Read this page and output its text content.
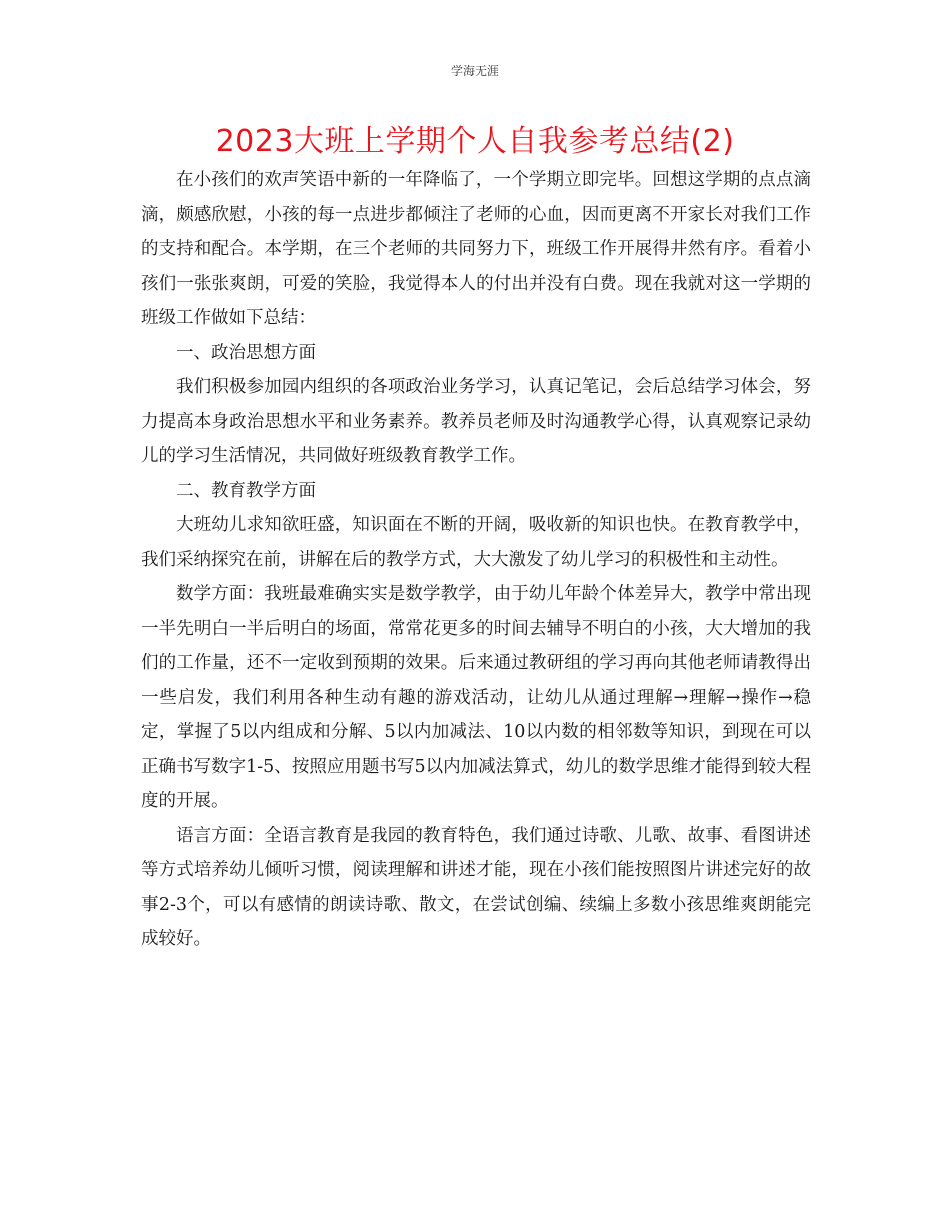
学海无涯
2023大班上学期个人自我参考总结(2)

在小孩们的欢声笑语中新的一年降临了，一个学期立即完毕。回想这学期的点点滴滴，颇感欣慰，小孩的每一点进步都倾注了老师的心血，因而更离不开家长对我们工作的支持和配合。本学期，在三个老师的共同努力下，班级工作开展得井然有序。看着小孩们一张张爽朗，可爱的笑脸，我觉得本人的付出并没有白费。现在我就对这一学期的班级工作做如下总结：

一、政治思想方面

我们积极参加园内组织的各项政治业务学习，认真记笔记，会后总结学习体会，努力提高本身政治思想水平和业务素养。教养员老师及时沟通教学心得，认真观察记录幼儿的学习生活情况，共同做好班级教育教学工作。

二、教育教学方面

大班幼儿求知欲旺盛，知识面在不断的开阔，吸收新的知识也快。在教育教学中，我们采纳探究在前，讲解在后的教学方式，大大激发了幼儿学习的积极性和主动性。

数学方面：我班最难确实实是数学教学，由于幼儿年龄个体差异大，教学中常出现一半先明白一半后明白的场面，常常花更多的时间去辅导不明白的小孩，大大增加的我们的工作量，还不一定收到预期的效果。后来通过教研组的学习再向其他老师请教得出一些启发，我们利用各种生动有趣的游戏活动，让幼儿从通过理解→理解→操作→稳定，掌握了5以内组成和分解、5以内加减法、10以内数的相邻数等知识，到现在可以正确书写数字1-5、按照应用题书写5以内加减法算式，幼儿的数学思维才能得到较大程度的开展。

语言方面：全语言教育是我园的教育特色，我们通过诗歌、儿歌、故事、看图讲述等方式培养幼儿倾听习惯，阅读理解和讲述才能，现在小孩们能按照图片讲述完好的故事2-3个，可以有感情的朗读诗歌、散文，在尝试创编、续编上多数小孩思维爽朗能完成较好。
